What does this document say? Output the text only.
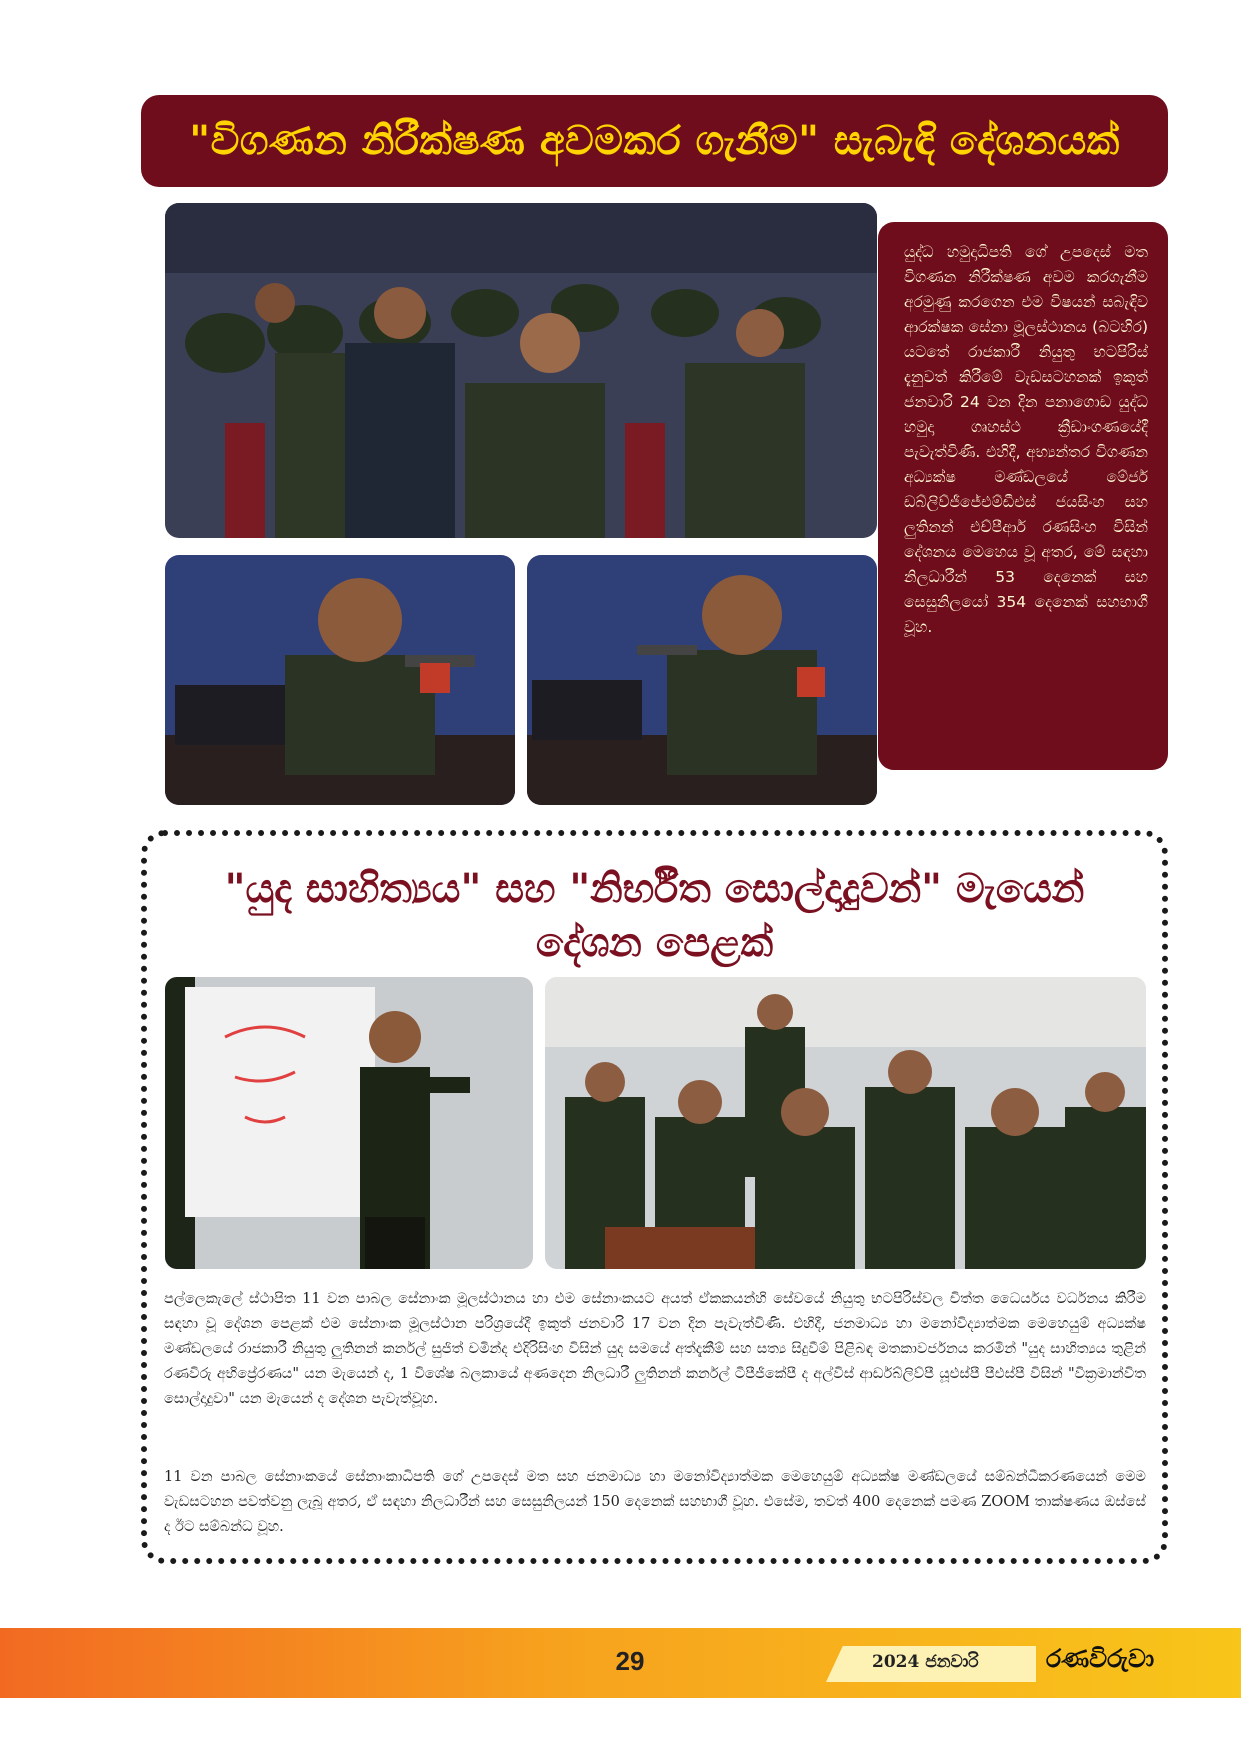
"විගණන නිරීක්ෂණ අවමකර ගැනීම" සැබැඳි දේශනයක්

යුද්ධ හමුදාධිපති ගේ උපදෙස් මත විගණන නිරීක්ෂණ අවම කරගැනීම අරමුණු කරගෙන එම විෂයන් සබැඳිව ආරක්ෂක සේනා මූලස්ථානය (බටහිර) යටතේ රාජකාරී නියුතු භටපිරිස් දැනුවත් කිරීමේ වැඩසටහනක් ඉකුත් ජනවාරි 24 වන දින පනාගොඩ යුද්ධ හමුදා ගෘහස්ථ ක්‍රීඩාංගණයේදී පැවැත්විණි. එහිදී, අභ්‍යන්තර විගණන අධ්‍යක්ෂ මණ්ඩලයේ මේජර් ඩබ්ලිව්ජීජේඑම්ඩීඑස් ජයසිංහ සහ ලුතිනන් එච්පීආර් රණසිංහ විසින් දේශනය මෙහෙය වූ අතර, මේ සඳහා නිලධාරීන් 53 දෙනෙක් සහ සෙසුනිලයෝ 354 දෙනෙක් සහභාගී වූහ.

"යුද සාහිත්‍යය" සහ "නිර්භීත සොල්දාදුවන්" මැයෙන්
දේශන පෙළක්

පල්ලෙකැලේ ස්ථාපිත 11 වන පාබල සේනාංක මූලස්ථානය හා එම සේනාංකයට අයත් ඒකකයන්හි සේවයේ නියුතු භටපිරිස්වල චිත්ත ධෛර්යය වර්ධනය කිරීම සඳහා වූ දේශන පෙළක් එම සේනාංක මූලස්ථාන පරිශ්‍රයේදී ඉකුත් ජනවාරි 17 වන දින පැවැත්විණි. එහිදී, ජනමාධ්‍ය හා මනෝවිද්‍යාත්මක මෙහෙයුම් අධ්‍යක්ෂ මණ්ඩලයේ රාජකාරී නියුතු ලුතිනන් කර්නල් සුජිත් චමින්ද එදිරිසිංහ විසින් යුද සමයේ අත්දැකීම් සහ සත්‍ය සිදුවීම් පිළිබඳ මතකාවර්ජනය කරමින් "යුද සාහිත්‍යය තුළින් රණවිරු අභිප්‍රේරණය" යන මැයෙන් ද, 1 විශේෂ බලකායේ අණදෙන නිලධාරී ලුතිනන් කර්නල් ටීපීජීකේපී ද අල්විස් ආර්ඩබ්ලිව්පී යූඑස්පී පීඑස්පී විසින් "වික්‍රමාන්විත සොල්දාදුවා" යන මැයෙන් ද දේශන පැවැත්වූහ.

11 වන පාබල සේනාංකයේ සේනාංකාධිපති ගේ උපදෙස් මත සහ ජනමාධ්‍ය හා මනෝවිද්‍යාත්මක මෙහෙයුම් අධ්‍යක්ෂ මණ්ඩලයේ සම්බන්ධීකරණයෙන් මෙම වැඩසටහන පවත්වනු ලැබූ අතර, ඒ සඳහා නිලධාරීන් සහ සෙසුනිලයන් 150 දෙනෙක් සහභාගී වූහ. එසේම, තවත් 400 දෙනෙක් පමණ ZOOM තාක්ෂණය ඔස්සේ ද ඊට සම්බන්ධ වූහ.

29	2024 ජනවාරි	රණවිරුවා
